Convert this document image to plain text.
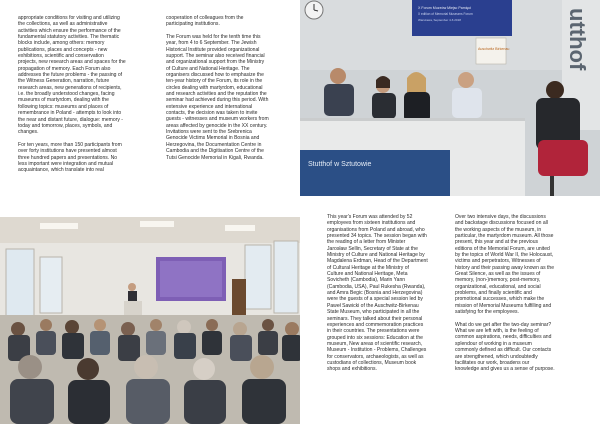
appropriate conditions for visiting and utilizing
the collections, as well as administrative
activities which ensure the performance of the
fundamental statutory activities. The thematic
blocks include, among others: memory
publications, places and concepts - new
exhibitions, scientific and conservation
projects, new research areas and spaces for the
propagation of memory. Each Forum also
addresses the future problems - the passing of
the Witness Generation, narration, future
research areas, new generations of recipients,
i.e. the broadly understood changes, facing
museums of martyrdom, dealing with the
following topics: museums and places of
remembrance in Poland - attempts to look into
the near and distant future, dialogue: memory -
today and tomorrow, places, symbols, and
changes.

For ten years, more than 150 participants from
over forty institutions have presented almost
three hundred papers and presentations. No
less important were integration and mutual
acquaintance, which translate into real

cooperation of colleagues from the
participating institutions.

The Forum was held for the tenth time this
year, from 4 to 6 September. The Jewish
Historical Institute provided organizational
support. The seminar also received financial
and organizational support from the Ministry
of Culture and National Heritage. The
organisers discussed how to emphasize the
ten-year history of the Forum, its role in the
circles dealing with martyrdom, educational
and research activities and the reputation the
seminar had achieved during this period. With
extensive experience and international
contacts, the decision was taken to invite
guests - witnesses and museum workers from
areas affected by genocide in the XX century.
Invitations were sent to the Srebrenica
Genocide Victims Memorial in Bosnia and
Herzegovina, the Documentation Centre in
Cambodia and the Digitisation Centre of the
Tutsi Genocide Memorial in Kigali, Rwanda.

This year's Forum was attended by 52
employees from sixteen institutions and
organisations from Poland and abroad, who
presented 34 topics. The session began with
the reading of a letter from Minister
Jarosław Sellin, Secretary of State at the
Ministry of Culture and National Heritage by
Magdalena Erdman, Head of the Department
of Cultural Heritage at the Ministry of
Culture and National Heritage, Meta
Sovicheth (Cambodia), Marin Yann
(Cambodia, USA), Paul Rukesha (Rwanda),
and Amra Begic (Bosnia and Herzegovina)
were the guests of a special session led by
Paweł Sawicki of the Auschwitz-Birkenau
State Museum, who participated in all the
seminars. They talked about their personal
experiences and commemoration practices
in their countries. The presentations were
grouped into six sessions: Education at the
museum, New areas of scientific research,
Museum - Institution - Problems, Challenges
for conservators, archaeologists, as well as
custodians of collections, Museum book
shops and exhibitions.

Over two intensive days, the discussions
and backstage discussions focused on all
the working aspects of the museum, in
particular, the martyrdom museum. All those
present, this year and at the previous
editions of the Memorial Forum, are united
by the topics of World War II, the Holocaust,
victims and perpetrators, Witnesses of
history and their passing away known as the
Great Silence, as well as the issues of
memory, (non-)memory, post-memory,
organizational, educational, and social
problems, and finally scientific and
promotional successes, which make the
mission of Memorial Museums fulfilling and
satisfying for the employees.

What do we get after the two-day seminar?
What we are left with, is the feeling of
common aspirations, needs, difficulties and
splendour of working in a museum
commonly defined as difficult. Our contacts
are strengthened, which undoubtedly
facilitates our work, broadens our
knowledge and gives us a sense of purpose.

X Forum Muzeów Miejsc Pamięci
X edition of Memorial Museums Forum
Warszawa, September 4-6 2018	utthof
Auschwitz Birkenau
Stutthof w Sztutowie
